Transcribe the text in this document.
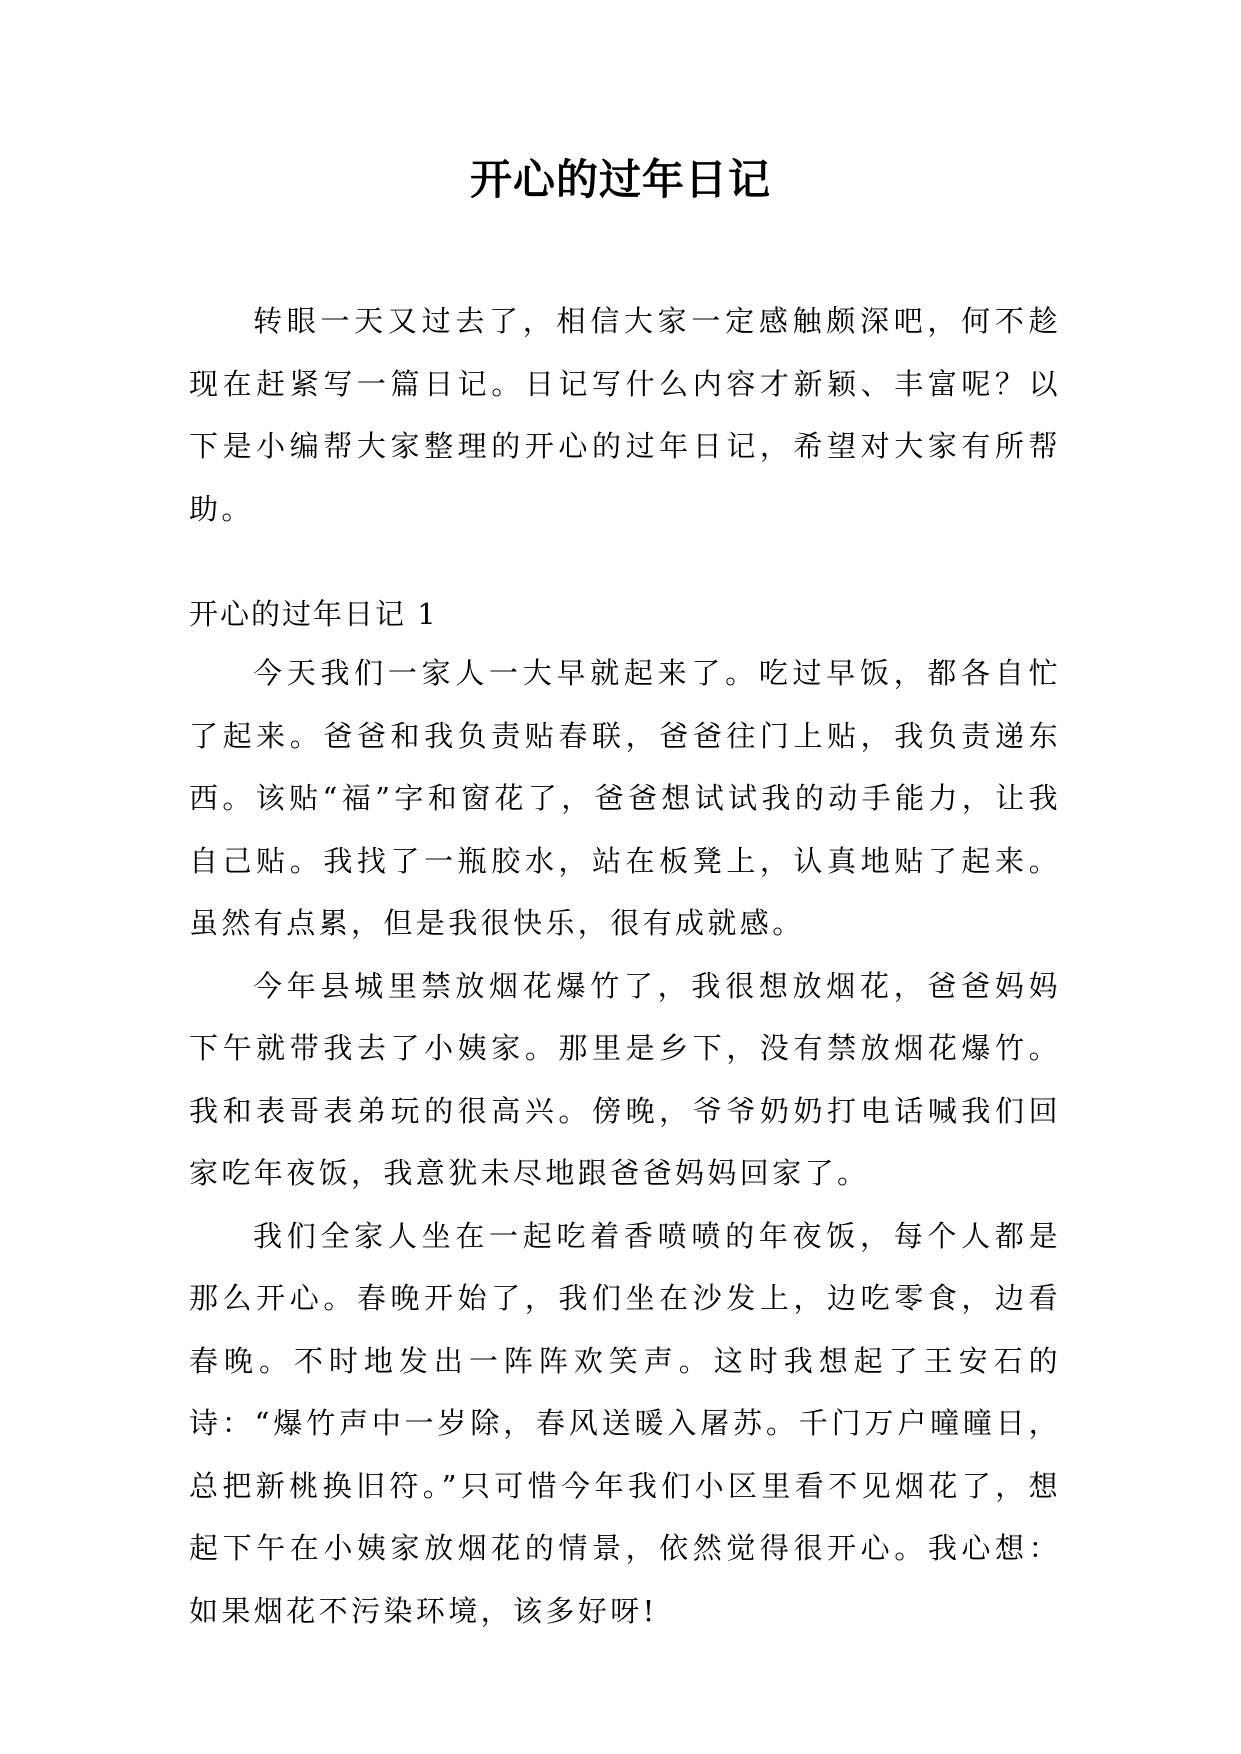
开心的过年日记

转眼一天又过去了，相信大家一定感触颇深吧，何不趁现在赶紧写一篇日记。日记写什么内容才新颖、丰富呢？以下是小编帮大家整理的开心的过年日记，希望对大家有所帮助。

开心的过年日记 1

今天我们一家人一大早就起来了。吃过早饭，都各自忙了起来。爸爸和我负责贴春联，爸爸往门上贴，我负责递东西。该贴“福”字和窗花了，爸爸想试试我的动手能力，让我自己贴。我找了一瓶胶水，站在板凳上，认真地贴了起来。虽然有点累，但是我很快乐，很有成就感。

今年县城里禁放烟花爆竹了，我很想放烟花，爸爸妈妈下午就带我去了小姨家。那里是乡下，没有禁放烟花爆竹。我和表哥表弟玩的很高兴。傍晚，爷爷奶奶打电话喊我们回家吃年夜饭，我意犹未尽地跟爸爸妈妈回家了。

我们全家人坐在一起吃着香喷喷的年夜饭，每个人都是那么开心。春晚开始了，我们坐在沙发上，边吃零食，边看春晚。不时地发出一阵阵欢笑声。这时我想起了王安石的诗：“爆竹声中一岁除，春风送暖入屠苏。千门万户曈曈日，总把新桃换旧符。”只可惜今年我们小区里看不见烟花了，想起下午在小姨家放烟花的情景，依然觉得很开心。我心想：如果烟花不污染环境，该多好呀!
